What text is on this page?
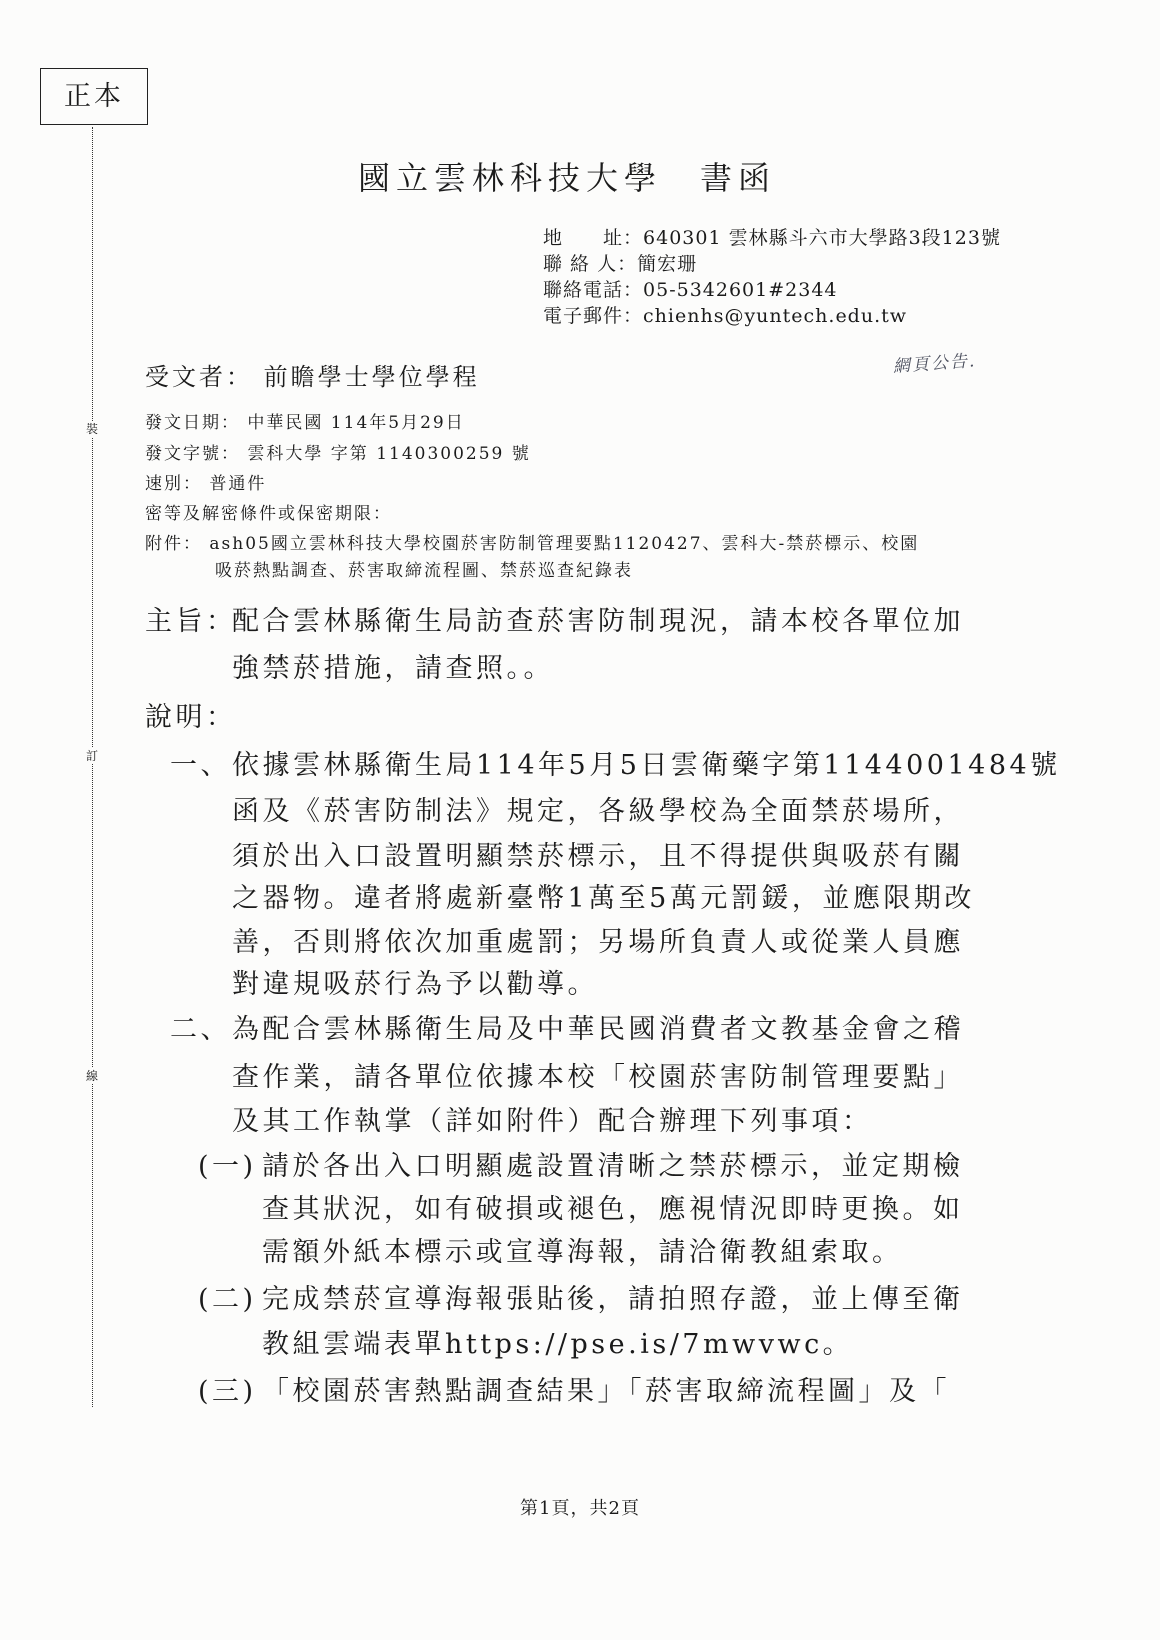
正本
裝
訂
線
國立雲林科技大學　書函
地　　址：640301 雲林縣斗六市大學路3段123號
聯 絡 人：簡宏珊
聯絡電話：05-5342601#2344
電子郵件：chienhs@yuntech.edu.tw
網頁公告.
受文者： 前瞻學士學位學程
發文日期： 中華民國 114年5月29日
發文字號： 雲科大學 字第 1140300259 號
速別： 普通件
密等及解密條件或保密期限：
附件： ash05國立雲林科技大學校園菸害防制管理要點1120427、雲科大-禁菸標示、校園
吸菸熱點調查、菸害取締流程圖、禁菸巡查紀錄表
主旨：
配合雲林縣衛生局訪查菸害防制現況，請本校各單位加
強禁菸措施，請查照。。
說明：
一、 依據雲林縣衛生局114年5月5日雲衛藥字第1144001484號
函及《菸害防制法》規定，各級學校為全面禁菸場所，
須於出入口設置明顯禁菸標示，且不得提供與吸菸有關
之器物。違者將處新臺幣1萬至5萬元罰鍰，並應限期改
善，否則將依次加重處罰；另場所負責人或從業人員應
對違規吸菸行為予以勸導。
二、 為配合雲林縣衛生局及中華民國消費者文教基金會之稽
查作業，請各單位依據本校「校園菸害防制管理要點」
及其工作執掌（詳如附件）配合辦理下列事項：
(一) 請於各出入口明顯處設置清晰之禁菸標示，並定期檢
查其狀況，如有破損或褪色，應視情況即時更換。如
需額外紙本標示或宣導海報，請洽衛教組索取。
(二) 完成禁菸宣導海報張貼後，請拍照存證，並上傳至衛
教組雲端表單https://pse.is/7mwvwc。
(三) 「校園菸害熱點調查結果」「菸害取締流程圖」及「
第1頁，共2頁
